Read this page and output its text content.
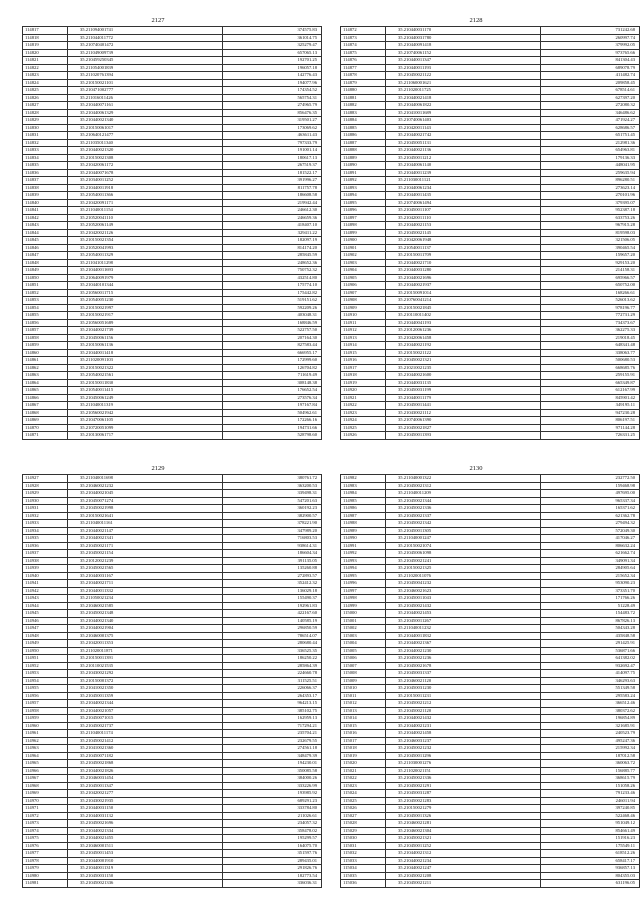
2127
114817	35.211094001741	374575.83
114818	35.211044011772	361014.75
114819	35.210740401472	325279.47
114820	35.211049009739	657065.13
114821	35.210459250345	192701.25
114822	35.211054001839	196057.18
114823	35.211020761394	142776.43
114824	35.210150021101	194077.96
114825	35.210471002777	174354.52
114826	35.211016011426	565754.31
114827	35.210440071161	274965.79
114828	35.210440061329	856476.35
114829	35.210440021340	319501.27
114830	35.210150061017	173069.62
114831	35.210640121477	463611.43
114832	35.211035011340	797333.79
114833	35.210440021320	191001.14
114834	35.210150021308	180617.13
114835	35.210420061172	267519.37
114836	35.210440071678	181522.17
114837	35.210340011252	391996.27
114838	35.210440011918	811757.78
114839	35.210540011366	186608.58
114840	35.210420091171	219942.44
114841	35.211040011154	246612.30
114842	35.210520041110	246659.36
114843	35.210520061149	418407.10
114844	35.210420021126	329411.22
114845	35.210150021354	182097.19
114846	35.210520041993	814174.20
114847	35.210540011329	285845.59
114848	35.211041011298	248652.36
114849	35.210440011693	750752.32
114850	35.210640091979	432514.80
114851	35.210440101344	175774.10
114852	35.210560011715	175442.82
114853	35.210540051230	519151.62
114854	35.210150021997	592209.26
114855	35.210150021917	403048.31
114856	35.210560051689	168846.59
114857	35.210440021739	522757.50
114858	35.210450061156	207164.30
114859	35.210150061136	827583.44
114860	35.210440011418	666955.17
114861	35.211020091103	172999.60
114862	35.210150021322	126704.82
114863	35.210540021561	711619.49
114864	35.210150011830	308148.38
114865	35.210540011415	176652.54
114866	35.210450061249	273576.34
114867	35.211040011319	197167.84
114868	35.210560021942	504962.61
114869	35.210470061105	172266.16
114870	35.210720051099	194731.66
114871	35.210130061717	528798.60
2128
114872	35.210440031170	731242.68
114873	35.210440031780	260997.74
114874	35.210440091418	379992.05
114875	35.210740061152	973765.66
114876	35.210440011347	841304.43
114877	35.210440011193	689078.79
114878	35.210450021122	411482.74
114879	35.211060001621	209858.45
114880	35.211020011725	678514.61
114881	35.210440021418	627397.20
114882	35.210440061822	272080.32
114883	35.210410011689	346486.62
114884	35.210740061403	471924.27
114885	35.210420011143	628686.57
114886	35.210440021742	651751.45
114887	35.210450051131	212981.36
114888	35.210440021136	654963.81
114889	35.210450011212	179136.33
114890	35.210440061140	448041.95
114891	35.210440011239	259635.94
114892	35.211030011121	896280.51
114893	35.210440061234	273623.14
114894	35.210440011435	270101.96
114895	35.210740061494	379395.07
114896	35.210450011107	952387.18
114897	35.210420011110	633753.26
114898	35.210440021153	967915.28
114899	35.210450021145	819598.03
114900	35.210420061948	321506.05
114901	35.210540011137	390465.54
114902	35.210150011709	159657.20
114903	35.210440021710	929153.20
114904	35.210440031280	214158.31
114905	35.210440021696	695966.57
114906	35.210440021937	650752.00
114907	35.210150091014	168266.61
114908	35.210760041214	526013.62
114909	35.210150021845	978196.77
114910	35.210110011402	772731.29
114911	35.210440041193	734373.67
114912	35.210120061236	362275.33
114913	35.210420061458	219018.45
114914	35.210440021192	648341.48
114915	35.210150021122	338063.77
114916	35.210450021321	500680.53
114917	35.210210021235	668685.76
114918	35.210440021600	259155.91
114919	35.210440031135	665349.87
114920	35.210450031199	612167.99
114921	35.210440011179	845901.42
114922	35.210450011441	349195.11
114923	35.210430021112	947230.28
114924	35.210740061390	806197.51
114925	35.210450021827	971144.28
114926	35.210450011393	726331.25
2129
114927	35.211040011698	380761.72
114928	35.210460021232	363200.53
114929	35.210440021045	339498.31
114930	35.210450071274	547201.63
114931	35.210450021998	360192.23
114932	35.210150021641	382900.57
114933	35.211040011161	378221.90
114934	35.210440021147	347989.20
114935	35.210440021341	716803.53
114936	35.210450021171	938614.31
114937	35.210450021154	186604.34
114938	35.210120021239	391135.05
114939	35.210450021565	135260.88
114940	35.210440031167	272893.57
114941	35.210440021711	352412.32
114942	35.210440011332	136029.18
114943	35.211050021234	155490.37
114944	35.210460021585	192961.83
114945	35.210450021348	422167.60
114946	35.210440021340	140585.19
114947	35.210440021904	296850.59
114948	35.210460001375	786514.07
114949	35.210420011353	280680.44
114950	35.211020011871	336525.35
114951	35.210150011391	186250.22
114952	35.210110021535	285864.39
114953	35.210430021292	224660.78
114954	35.210150001372	311525.51
114955	35.210410021350	226066.37
114956	35.210450011359	264353.17
114957	35.210440021344	964213.15
114958	35.210440021057	385102.75
114959	35.210450071015	162959.13
114960	35.210450021737	717294.21
114961	35.211040011174	235704.21
114962	35.210450021412	232679.55
114963	35.210410021360	274561.18
114964	35.210450071182	348479.39
114965	35.210450021868	194230.01
114966	35.210440021826	350085.58
114967	35.210460031454	384000.26
114968	35.210450011347	333226.99
114969	35.210420021277	193985.92
114970	35.210430021935	689291.23
114971	35.210440031150	333784.80
114972	35.210440031132	211026.61
114973	35.210450021696	234057.32
114974	35.210440021334	358478.02
114975	35.210440021455	195299.57
114976	35.210460001511	164075.70
114977	35.210450011453	351597.76
114978	35.210440001910	289435.01
114979	35.210440011319	291826.76
114980	35.210450031150	182773.54
114981	35.210450021336	336036.31
2130
114982	35.211040001322	232772.50
114983	35.210450021312	159468.98
114984	35.211040011209	497695.00
114985	35.210450021344	965337.34
114986	35.210450021336	165371.62
114987	35.210450021337	621362.78
114988	35.210450021342	279494.32
114989	35.210450011305	572049.30
114990	35.211040001247	417046.27
114991	35.210150021074	806632.24
114992	35.210450061098	621662.74
114993	35.210450021241	349091.34
114994	35.210150021325	284905.64
114995	35.211020011076	215652.34
114996	35.210450041232	953090.23
114997	35.210460021623	373351.70
114998	35.210450011043	171766.26
114999	35.210450021432	51228.49
115000	35.210440021453	154483.72
115001	35.210450011267	867826.13
115002	35.211040011232	504343.28
115003	35.210440011832	435848.58
115004	35.210440021367	291425.91
115005	35.210440021230	536871.66
115006	35.210450021236	641382.02
115007	35.210450021678	932692.47
115008	35.210450031337	414097.75
115009	35.210460021120	346293.63
115010	35.210450031230	551349.58
115011	35.210150011231	295583.24
115012	35.210450021212	366512.46
115013	35.210450021120	380372.62
115014	35.210440021432	196854.89
115015	35.210440021231	321685.91
115016	35.210440021458	240523.79
115017	35.210460031237	495247.36
115018	35.210450021232	215992.34
115019	35.210450011296	187012.58
115020	35.211030001276	360063.72
115021	35.211020021151	156885.77
115022	35.210450021336	368615.79
115023	35.210450021291	151058.26
115024	35.210450031287	791233.46
115025	35.210450021283	246011.94
115026	35.210150021279	397240.85
115027	35.210450011326	522468.46
115028	35.210460021281	951049.12
115029	35.210460021304	854661.49
115030	35.210450021321	151916.23
115031	35.210450011252	175549.11
115032	35.210440021312	618512.26
115033	35.210440021234	658417.17
115034	35.210440021247	936857.13
115035	35.210450021208	804355.03
115036	35.210450021211	631196.05
